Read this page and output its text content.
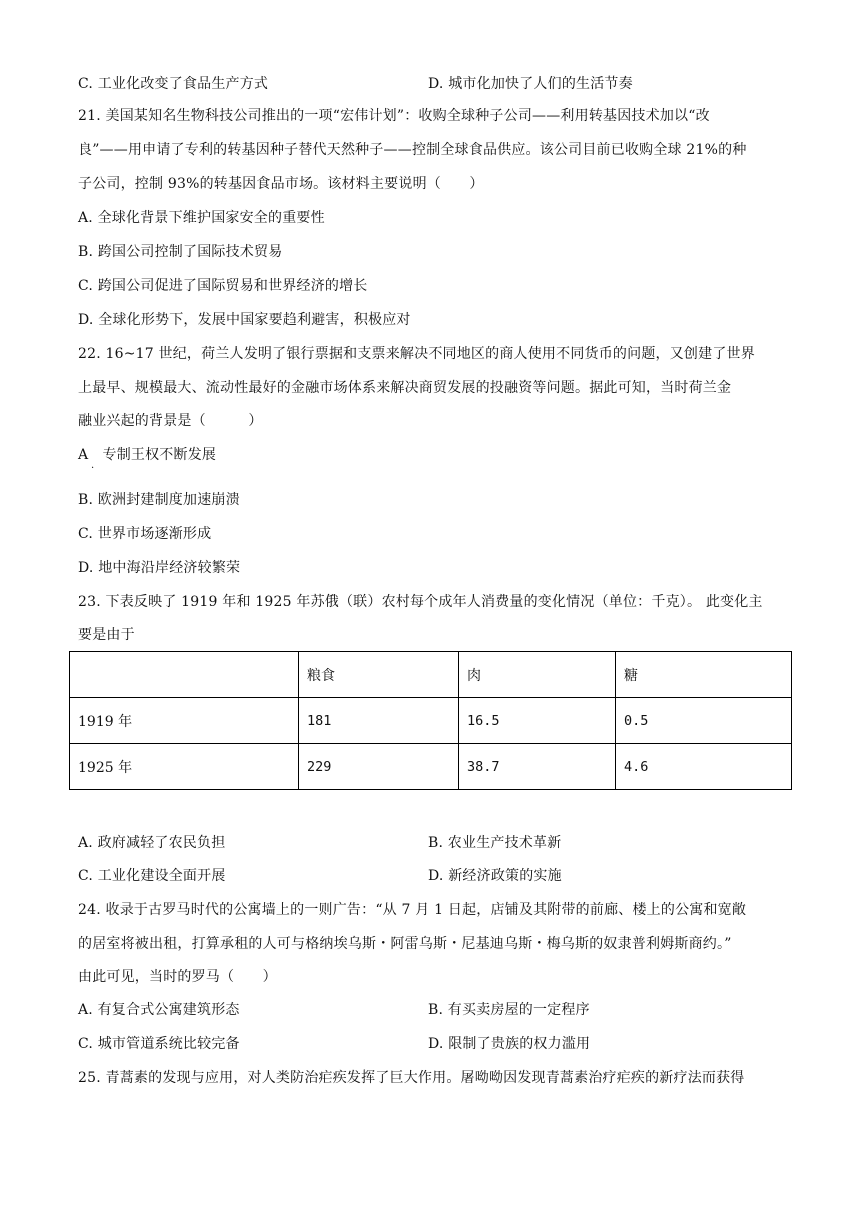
C. 工业化改变了食品生产方式	D. 城市化加快了人们的生活节奏
21. 美国某知名生物科技公司推出的一项“宏伟计划”：收购全球种子公司——利用转基因技术加以“改
良”——用申请了专利的转基因种子替代天然种子——控制全球食品供应。该公司目前已收购全球 21%的种
子公司，控制 93%的转基因食品市场。该材料主要说明（　　）
A. 全球化背景下维护国家安全的重要性
B. 跨国公司控制了国际技术贸易
C. 跨国公司促进了国际贸易和世界经济的增长
D. 全球化形势下，发展中国家要趋利避害，积极应对
22. 16~17 世纪，荷兰人发明了银行票据和支票来解决不同地区的商人使用不同货币的问题，又创建了世界
上最早、规模最大、流动性最好的金融市场体系来解决商贸发展的投融资等问题。据此可知，当时荷兰金
融业兴起的背景是（　　　）
A　专制王权不断发展
.
B. 欧洲封建制度加速崩溃
C. 世界市场逐渐形成
D. 地中海沿岸经济较繁荣
23. 下表反映了 1919 年和 1925 年苏俄（联）农村每个成年人消费量的变化情况（单位：千克）。 此变化主
要是由于
	粮食	肉	糖
1919 年	181	16.5	0.5
1925 年	229	38.7	4.6
A. 政府减轻了农民负担	B. 农业生产技术革新
C. 工业化建设全面开展	D. 新经济政策的实施
24. 收录于古罗马时代的公寓墙上的一则广告：“从 7 月 1 日起，店铺及其附带的前廊、楼上的公寓和宽敞
的居室将被出租，打算承租的人可与格纳埃乌斯・阿雷乌斯・尼基迪乌斯・梅乌斯的奴隶普利姆斯商约。”
由此可见，当时的罗马（　　）
A. 有复合式公寓建筑形态	B. 有买卖房屋的一定程序
C. 城市管道系统比较完备	D. 限制了贵族的权力滥用
25. 青蒿素的发现与应用，对人类防治疟疾发挥了巨大作用。屠呦呦因发现青蒿素治疗疟疾的新疗法而获得
